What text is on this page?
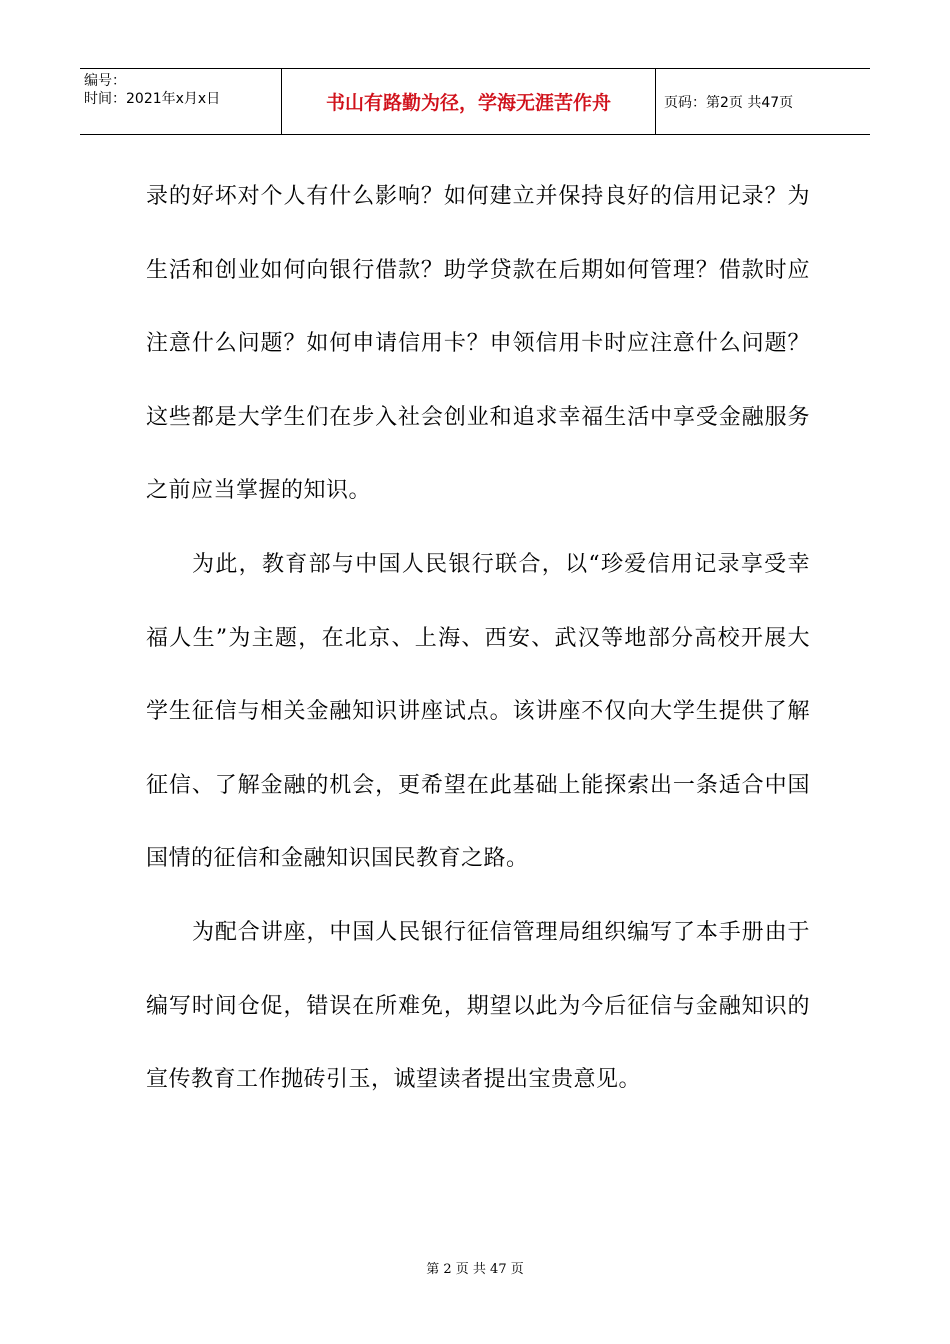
编号：
时间：2021年x月x日	书山有路勤为径，学海无涯苦作舟	页码：第2页 共47页

录的好坏对个人有什么影响？如何建立并保持良好的信用记录？为生活和创业如何向银行借款？助学贷款在后期如何管理？借款时应注意什么问题？如何申请信用卡？申领信用卡时应注意什么问题？这些都是大学生们在步入社会创业和追求幸福生活中享受金融服务之前应当掌握的知识。

为此，教育部与中国人民银行联合，以“珍爱信用记录享受幸福人生”为主题，在北京、上海、西安、武汉等地部分高校开展大学生征信与相关金融知识讲座试点。该讲座不仅向大学生提供了解征信、了解金融的机会，更希望在此基础上能探索出一条适合中国国情的征信和金融知识国民教育之路。

为配合讲座，中国人民银行征信管理局组织编写了本手册由于编写时间仓促，错误在所难免，期望以此为今后征信与金融知识的宣传教育工作抛砖引玉，诚望读者提出宝贵意见。

第 2 页 共 47 页
